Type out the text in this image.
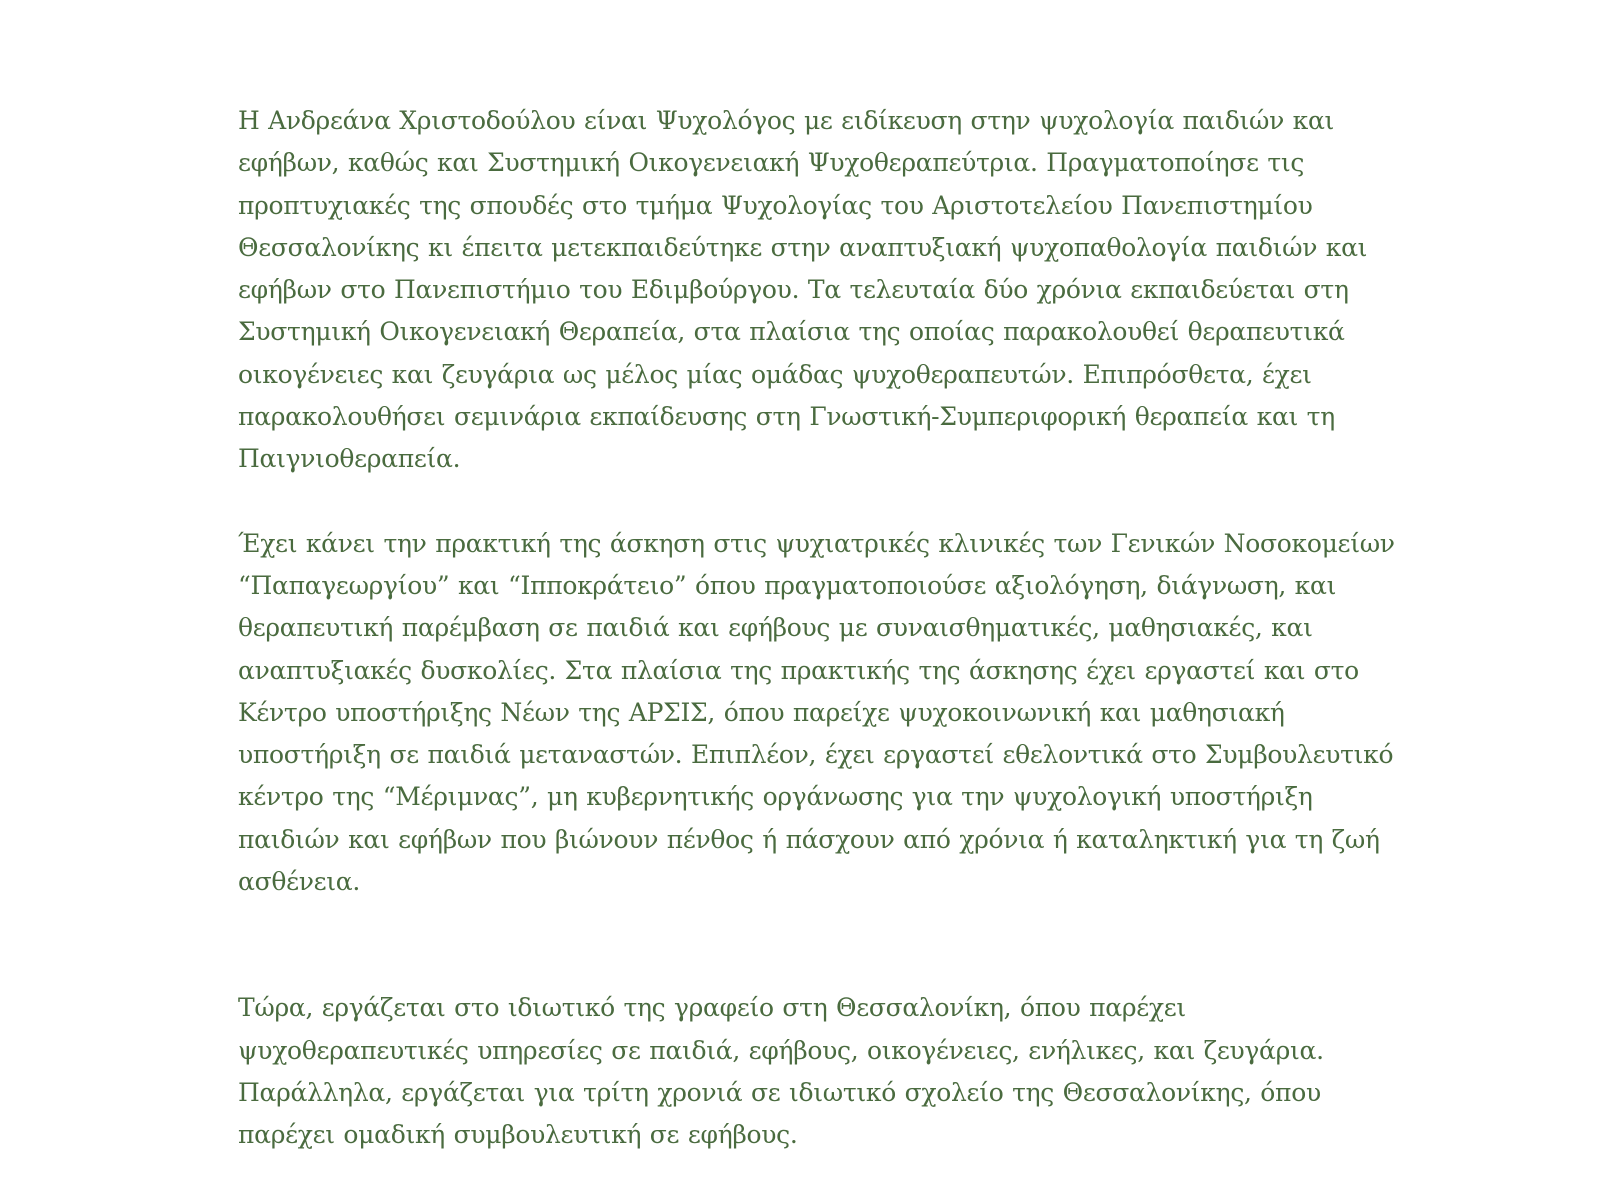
Η Ανδρεάνα Χριστοδούλου είναι Ψυχολόγος με ειδίκευση στην ψυχολογία παιδιών και
εφήβων, καθώς και Συστημική Οικογενειακή Ψυχοθεραπεύτρια. Πραγματοποίησε τις
προπτυχιακές της σπουδές στο τμήμα Ψυχολογίας του Αριστοτελείου Πανεπιστημίου
Θεσσαλονίκης κι έπειτα μετεκπαιδεύτηκε στην αναπτυξιακή ψυχοπαθολογία παιδιών και
εφήβων στο Πανεπιστήμιο του Εδιμβούργου. Τα τελευταία δύο χρόνια εκπαιδεύεται στη
Συστημική Οικογενειακή Θεραπεία, στα πλαίσια της οποίας παρακολουθεί θεραπευτικά
οικογένειες και ζευγάρια ως μέλος μίας ομάδας ψυχοθεραπευτών. Επιπρόσθετα, έχει
παρακολουθήσει σεμινάρια εκπαίδευσης στη Γνωστική-Συμπεριφορική θεραπεία και τη
Παιγνιοθεραπεία.

Έχει κάνει την πρακτική της άσκηση στις ψυχιατρικές κλινικές των Γενικών Νοσοκομείων
“Παπαγεωργίου” και “Ιπποκράτειο” όπου πραγματοποιούσε αξιολόγηση, διάγνωση, και
θεραπευτική παρέμβαση σε παιδιά και εφήβους με συναισθηματικές, μαθησιακές, και
αναπτυξιακές δυσκολίες. Στα πλαίσια της πρακτικής της άσκησης έχει εργαστεί και στο
Κέντρο υποστήριξης Νέων της ΑΡΣΙΣ, όπου παρείχε ψυχοκοινωνική και μαθησιακή
υποστήριξη σε παιδιά μεταναστών. Επιπλέον, έχει εργαστεί εθελοντικά στο Συμβουλευτικό
κέντρο της “Μέριμνας”, μη κυβερνητικής οργάνωσης για την ψυχολογική υποστήριξη
παιδιών και εφήβων που βιώνουν πένθος ή πάσχουν από χρόνια ή καταληκτική για τη ζωή
ασθένεια.

Τώρα, εργάζεται στο ιδιωτικό της γραφείο στη Θεσσαλονίκη, όπου παρέχει
ψυχοθεραπευτικές υπηρεσίες σε παιδιά, εφήβους, οικογένειες, ενήλικες, και ζευγάρια.
Παράλληλα, εργάζεται για τρίτη χρονιά σε ιδιωτικό σχολείο της Θεσσαλονίκης, όπου
παρέχει ομαδική συμβουλευτική σε εφήβους.
